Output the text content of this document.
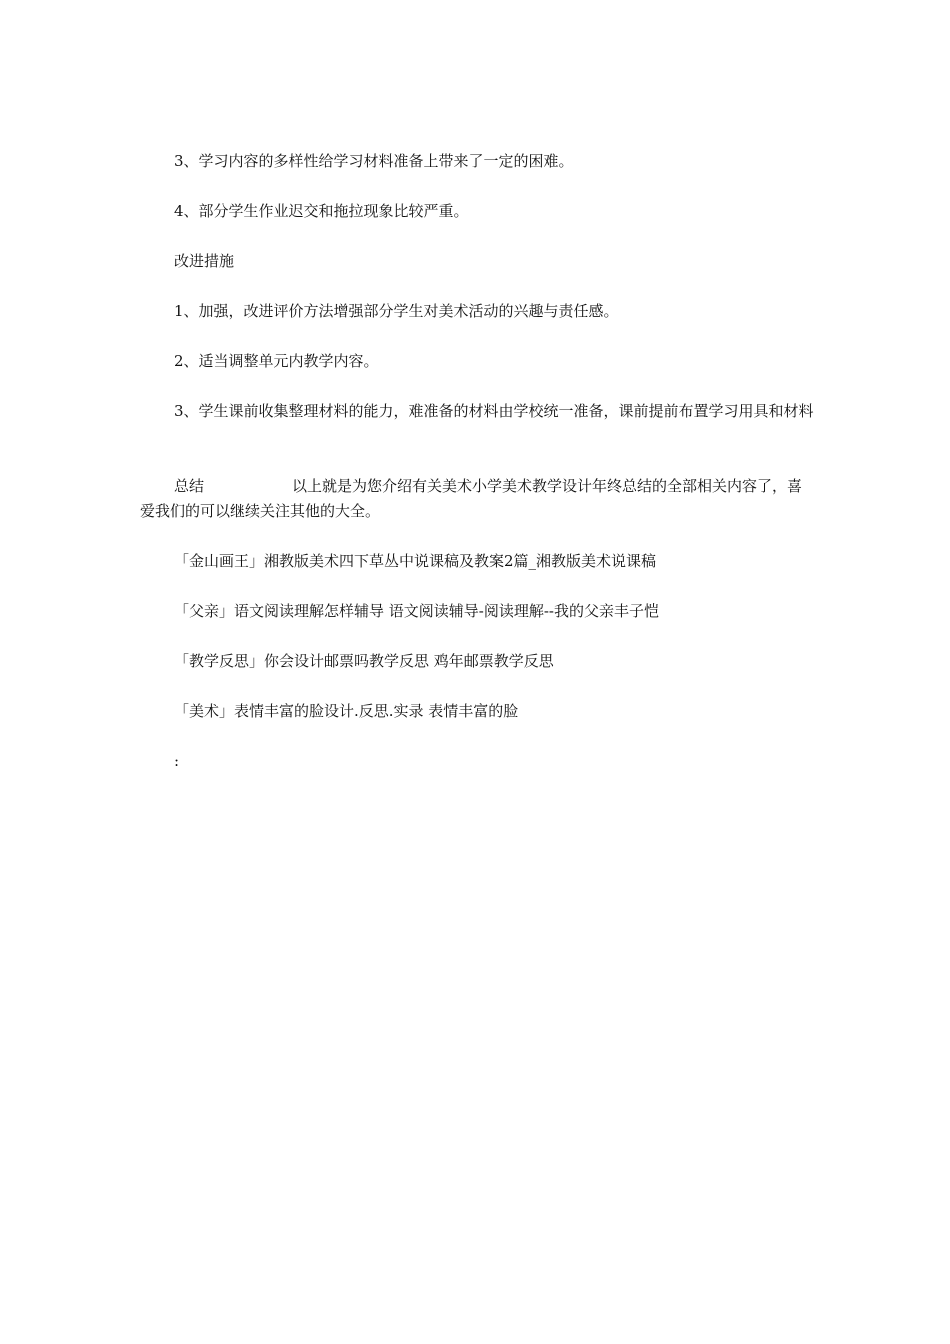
3、学习内容的多样性给学习材料准备上带来了一定的困难。

4、部分学生作业迟交和拖拉现象比较严重。

改进措施

1、加强，改进评价方法增强部分学生对美术活动的兴趣与责任感。

2、适当调整单元内教学内容。

3、学生课前收集整理材料的能力，难准备的材料由学校统一准备，课前提前布置学习用具和材料

总结	以上就是为您介绍有关美术小学美术教学设计年终总结的全部相关内容了，喜爱我们的可以继续关注其他的大全。

「金山画王」湘教版美术四下草丛中说课稿及教案2篇_湘教版美术说课稿

「父亲」语文阅读理解怎样辅导 语文阅读辅导-阅读理解--我的父亲丰子恺

「教学反思」你会设计邮票吗教学反思 鸡年邮票教学反思

「美术」表情丰富的脸设计.反思.实录 表情丰富的脸

:
